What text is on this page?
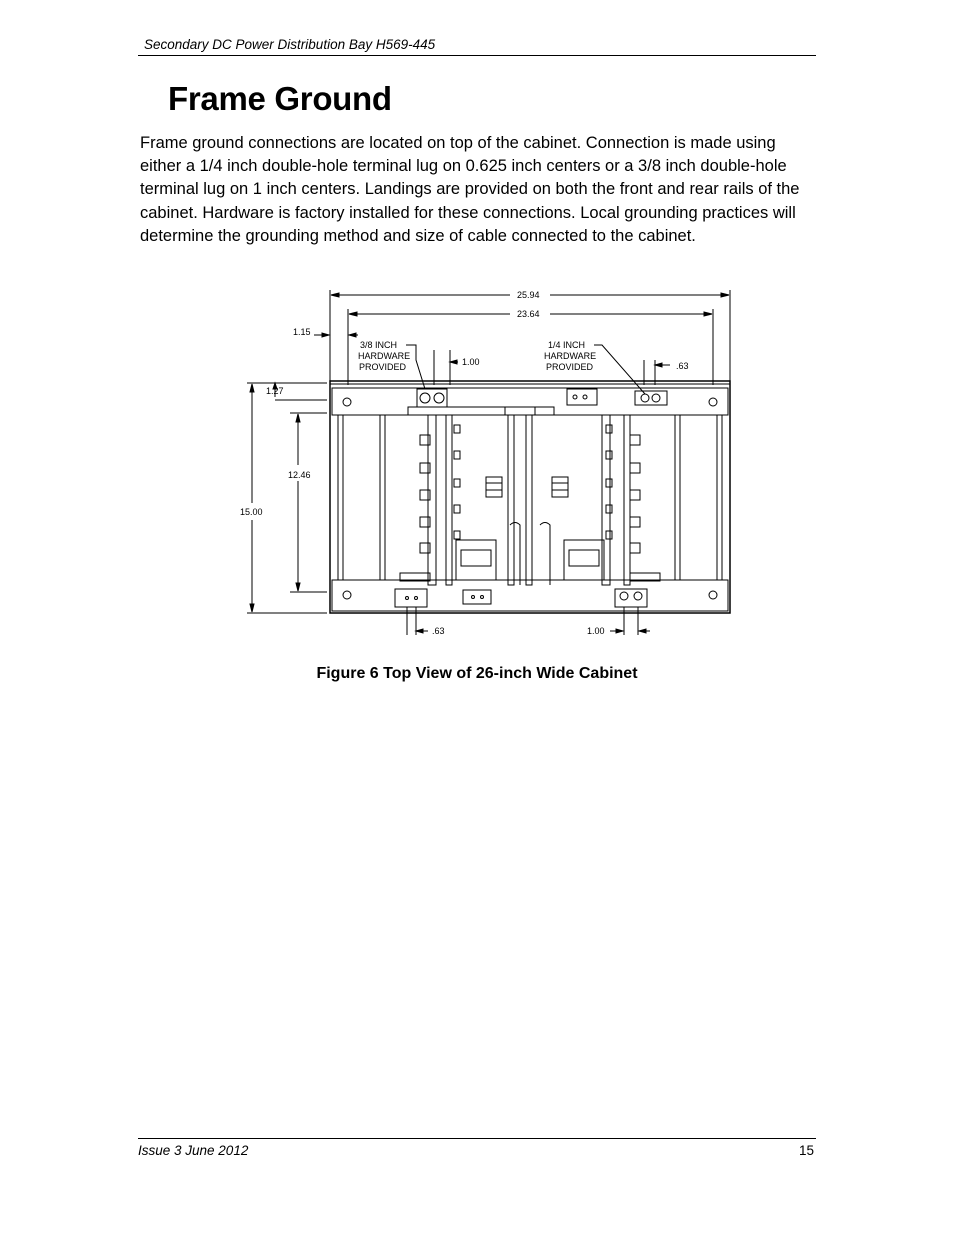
Secondary DC Power Distribution Bay H569-445
Frame Ground

Frame ground connections are located on top of the cabinet. Connection is made using either a 1/4 inch double-hole terminal lug on 0.625 inch centers or a 3/8 inch double-hole terminal lug on 1 inch centers. Landings are provided on both the front and rear rails of the cabinet. Hardware is factory installed for these connections. Local grounding practices will determine the grounding method and size of cable connected to the cabinet.

25.94
23.64
1.15
3/8 INCH
HARDWARE
PROVIDED	1.00
1/4 INCH
HARDWARE
PROVIDED	.63
15.00
1.27
12.46
.63	1.00
Figure 6 Top View of 26-inch Wide Cabinet
Issue 3 June 2012	15
